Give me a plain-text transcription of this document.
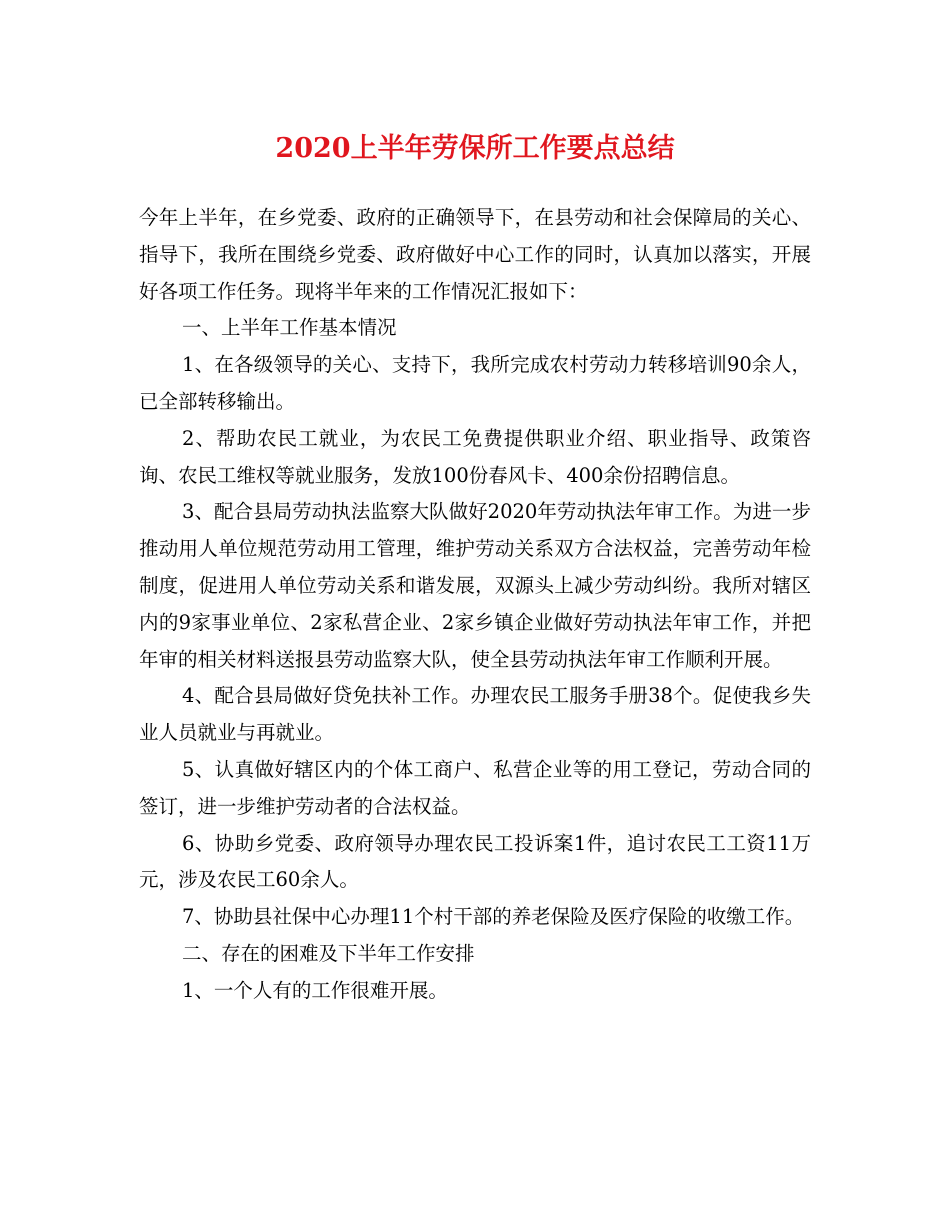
2020上半年劳保所工作要点总结

今年上半年，在乡党委、政府的正确领导下，在县劳动和社会保障局的关心、指导下，我所在围绕乡党委、政府做好中心工作的同时，认真加以落实，开展好各项工作任务。现将半年来的工作情况汇报如下：

一、上半年工作基本情况

1、在各级领导的关心、支持下，我所完成农村劳动力转移培训90余人，已全部转移输出。

2、帮助农民工就业，为农民工免费提供职业介绍、职业指导、政策咨询、农民工维权等就业服务，发放100份春风卡、400余份招聘信息。

3、配合县局劳动执法监察大队做好2020年劳动执法年审工作。为进一步推动用人单位规范劳动用工管理，维护劳动关系双方合法权益，完善劳动年检制度，促进用人单位劳动关系和谐发展，双源头上减少劳动纠纷。我所对辖区内的9家事业单位、2家私营企业、2家乡镇企业做好劳动执法年审工作，并把年审的相关材料送报县劳动监察大队，使全县劳动执法年审工作顺利开展。

4、配合县局做好贷免扶补工作。办理农民工服务手册38个。促使我乡失业人员就业与再就业。

5、认真做好辖区内的个体工商户、私营企业等的用工登记，劳动合同的签订，进一步维护劳动者的合法权益。

6、协助乡党委、政府领导办理农民工投诉案1件，追讨农民工工资11万元，涉及农民工60余人。

7、协助县社保中心办理11个村干部的养老保险及医疗保险的收缴工作。

二、存在的困难及下半年工作安排

1、一个人有的工作很难开展。
